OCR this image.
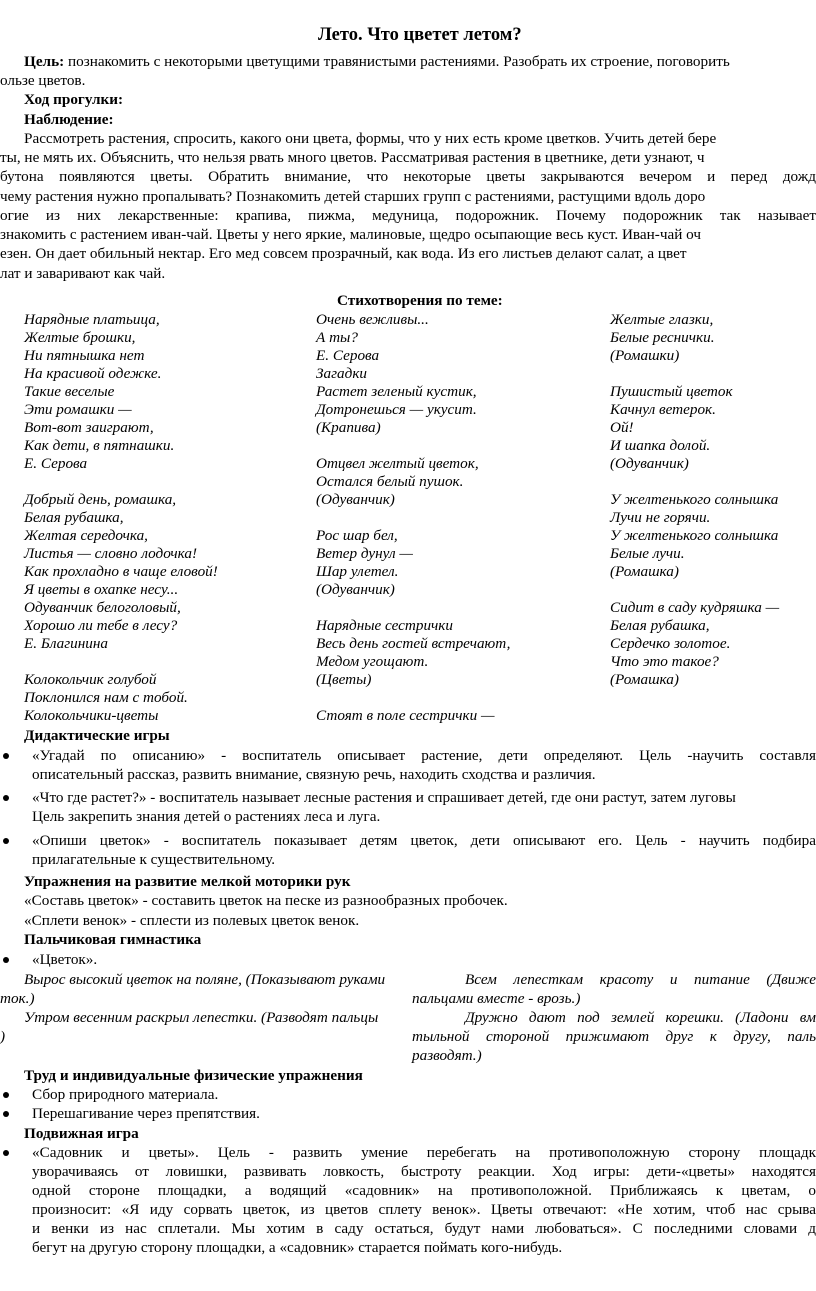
Лето. Что цветет летом?
Цель: познакомить с некоторыми цветущими травянистыми растениями. Разобрать их строение, поговорить
ользе цветов.
Ход прогулки:
Наблюдение:
Рассмотреть растения, спросить, какого они цвета, формы, что у них есть кроме цветков. Учить детей бере
ты, не мять их. Объяснить, что нельзя рвать много цветов. Рассматривая растения в цветнике, дети узнают, ч
бутона появляются цветы. Обратить внимание, что некоторые цветы закрываются вечером и перед дожд
чему растения нужно пропалывать? Познакомить детей старших групп с растениями, растущими вдоль доро
огие из них лекарственные: крапива, пижма, медуница, подорожник. Почему подорожник так называет
знакомить с растением иван-чай. Цветы у него яркие, малиновые, щедро осыпающие весь куст. Иван-чай оч
езен. Он дает обильный нектар. Его мед совсем прозрачный, как вода. Из его листьев делают салат, а цвет
лат и заваривают как чай.
Стихотворения по теме:
Нарядные платьица,
Желтые брошки,
Ни пятнышка нет
На красивой одежке.
Такие веселые
Эти ромашки —
Вот-вот заиграют,
Как дети, в пятнашки.
Е. Серова
Добрый день, ромашка,
Белая рубашка,
Желтая середочка,
Листья — словно лодочка!
Как прохладно в чаще еловой!
Я цветы в охапке несу...
Одуванчик белоголовый,
Хорошо ли тебе в лесу?
Е. Благинина
Колокольчик голубой
Поклонился нам с тобой.
Колокольчики-цветы
Очень вежливы...
А ты?
Е. Серова
Загадки
Растет зеленый кустик,
Дотронешься — укусит.
(Крапива)
Отцвел желтый цветок,
Остался белый пушок.
(Одуванчик)
Рос шар бел,
Ветер дунул —
Шар улетел.
(Одуванчик)
Нарядные сестрички
Весь день гостей встречают,
Медом угощают.
(Цветы)
Стоят в поле сестрички —
Желтые глазки,
Белые реснички.
(Ромашки)
Пушистый цветок
Качнул ветерок.
Ой!
И шапка долой.
(Одуванчик)
У желтенького солнышка
Лучи не горячи.
У желтенького солнышка
Белые лучи.
(Ромашка)
Сидит в саду кудряшка —
Белая рубашка,
Сердечко золотое.
Что это такое?
(Ромашка)
Дидактические игры
«Угадай по описанию» - воспитатель описывает растение, дети определяют. Цель -научить составля
описательный рассказ, развить внимание, связную речь, находить сходства и различия.
«Что где растет?» - воспитатель называет лесные растения и спрашивает детей, где они растут, затем луговы
Цель закрепить знания детей о растениях леса и луга.
«Опиши цветок» - воспитатель показывает детям цветок, дети описывают его. Цель - научить подбира
прилагательные к существительному.
Упражнения на развитие мелкой моторики рук
«Составь цветок» - составить цветок на песке из разнообразных пробочек.
«Сплети венок» - сплести из полевых цветок венок.
Пальчиковая гимнастика
«Цветок».
Вырос высокий цветок на поляне, (Показывают руками
ток.)
Утром весенним раскрыл лепестки. (Разводят пальцы
)
Всем лепесткам красоту и питание (Движе
пальцами вместе - врозь.)
Дружно дают под землей корешки. (Ладони вм
тыльной стороной прижимают друг к другу, паль
разводят.)
Труд и индивидуальные физические упражнения
Сбор природного материала.
Перешагивание через препятствия.
Подвижная игра
«Садовник и цветы». Цель - развить умение перебегать на противоположную сторону площадк
уворачиваясь от ловишки, развивать ловкость, быстроту реакции. Ход игры: дети-«цветы» находятся
одной стороне площадки, а водящий «садовник» на противоположной. Приближаясь к цветам, о
произносит: «Я иду сорвать цветок, из цветов сплету венок». Цветы отвечают: «Не хотим, чтоб нас срыва
и венки из нас сплетали. Мы хотим в саду остаться, будут нами любоваться». С последними словами д
бегут на другую сторону площадки, а «садовник» старается поймать кого-нибудь.
